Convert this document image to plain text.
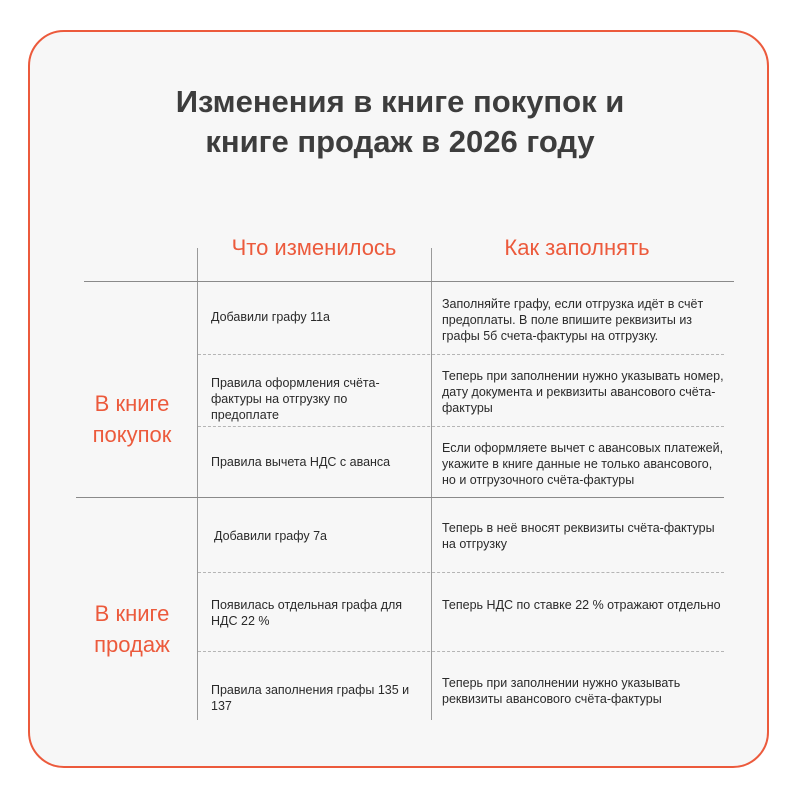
Изменения в книге покупок и
книге продаж в 2026 году
Что изменилось	Как заполнять
В книге
покупок
В книге
продаж
Добавили графу 11а
Заполняйте графу, если отгрузка идёт в счёт предоплаты. В поле впишите реквизиты из графы 5б счета-фактуры на отгрузку.
Правила оформления счёта-фактуры на отгрузку по предоплате
Теперь при заполнении нужно указывать номер, дату документа и реквизиты авансового счёта-фактуры
Правила вычета НДС с аванса
Если оформляете вычет с авансовых платежей, укажите в книге данные не только авансового, но и отгрузочного счёта-фактуры
Добавили графу 7а
Теперь в неё вносят реквизиты счёта-фактуры на отгрузку
Появилась отдельная графа для НДС 22 %
Теперь НДС по ставке 22 % отражают отдельно
Правила заполнения графы 135 и 137
Теперь при заполнении нужно указывать реквизиты авансового счёта-фактуры
